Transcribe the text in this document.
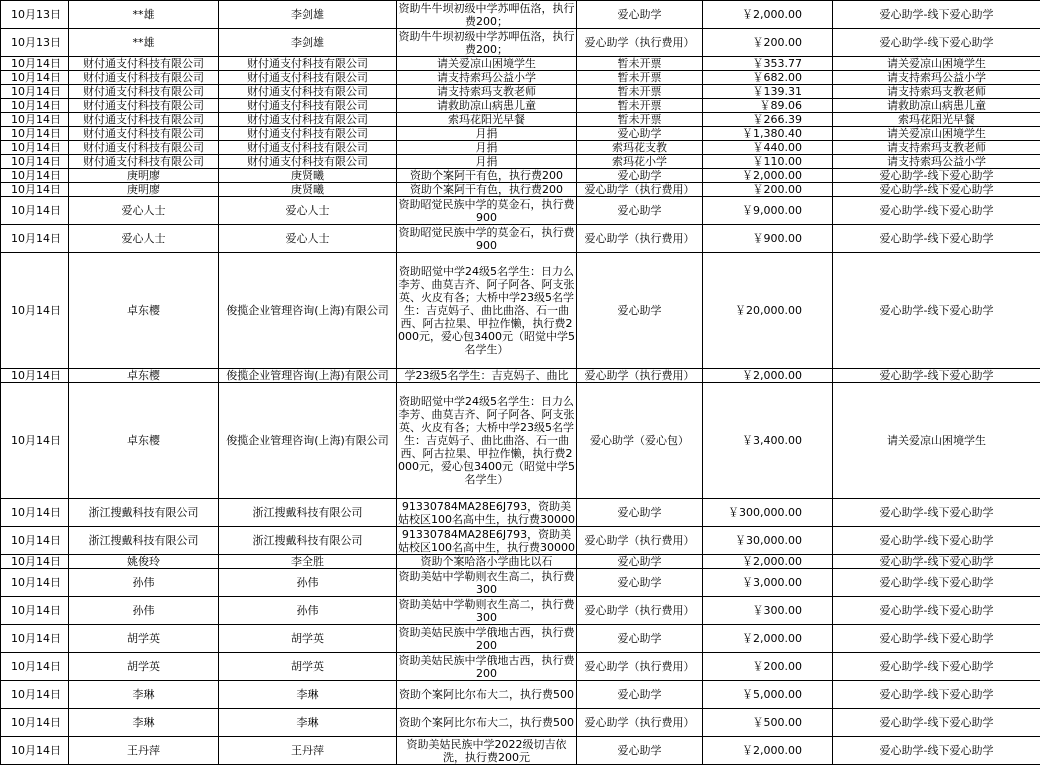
10月13日	**雄	李剑雄	资助牛牛坝初级中学苏呷伍洛，执行费200；	爱心助学	￥2,000.00	爱心助学-线下爱心助学
10月13日	**雄	李剑雄	资助牛牛坝初级中学苏呷伍洛，执行费200；	爱心助学（执行费用）	￥200.00	爱心助学-线下爱心助学
10月14日	财付通支付科技有限公司	财付通支付科技有限公司	请关爱凉山困境学生	暂未开票	￥353.77	请关爱凉山困境学生
10月14日	财付通支付科技有限公司	财付通支付科技有限公司	请支持索玛公益小学	暂未开票	￥682.00	请支持索玛公益小学
10月14日	财付通支付科技有限公司	财付通支付科技有限公司	请支持索玛支教老师	暂未开票	￥139.31	请支持索玛支教老师
10月14日	财付通支付科技有限公司	财付通支付科技有限公司	请救助凉山病患儿童	暂未开票	￥89.06	请救助凉山病患儿童
10月14日	财付通支付科技有限公司	财付通支付科技有限公司	索玛花阳光早餐	暂未开票	￥266.39	索玛花阳光早餐
10月14日	财付通支付科技有限公司	财付通支付科技有限公司	月捐	爱心助学	￥1,380.40	请关爱凉山困境学生
10月14日	财付通支付科技有限公司	财付通支付科技有限公司	月捐	索玛花支教	￥440.00	请支持索玛支教老师
10月14日	财付通支付科技有限公司	财付通支付科技有限公司	月捐	索玛花小学	￥110.00	请支持索玛公益小学
10月14日	庚明廖	庚贤曦	资助个案阿干有色，执行费200	爱心助学	￥2,000.00	爱心助学-线下爱心助学
10月14日	庚明廖	庚贤曦	资助个案阿干有色，执行费200	爱心助学（执行费用）	￥200.00	爱心助学-线下爱心助学
10月14日	爱心人士	爱心人士	资助昭觉民族中学的莫金石，执行费900	爱心助学	￥9,000.00	爱心助学-线下爱心助学
10月14日	爱心人士	爱心人士	资助昭觉民族中学的莫金石，执行费900	爱心助学（执行费用）	￥900.00	爱心助学-线下爱心助学
10月14日	卓东樱	俊揽企业管理咨询(上海)有限公司	资助昭觉中学24级5名学生：日力么李芳、曲莫吉齐、阿子阿各、阿支张英、火皮有各；大桥中学23级5名学生：吉克妈子、曲比曲洛、石一曲西、阿古拉果、甲拉作懒，执行费2000元，爱心包3400元（昭觉中学5名学生）	爱心助学	￥20,000.00	爱心助学-线下爱心助学
10月14日	卓东樱	俊揽企业管理咨询(上海)有限公司	学23级5名学生：吉克妈子、曲比	爱心助学（执行费用）	￥2,000.00	爱心助学-线下爱心助学
10月14日	卓东樱	俊揽企业管理咨询(上海)有限公司	资助昭觉中学24级5名学生：日力么李芳、曲莫吉齐、阿子阿各、阿支张英、火皮有各；大桥中学23级5名学生：吉克妈子、曲比曲洛、石一曲西、阿古拉果、甲拉作懒，执行费2000元，爱心包3400元（昭觉中学5名学生）	爱心助学（爱心包）	￥3,400.00	请关爱凉山困境学生
10月14日	浙江搜戴科技有限公司	浙江搜戴科技有限公司	91330784MA28E6J793，资助美姑校区100名高中生，执行费30000	爱心助学	￥300,000.00	爱心助学-线下爱心助学
10月14日	浙江搜戴科技有限公司	浙江搜戴科技有限公司	91330784MA28E6J793，资助美姑校区100名高中生，执行费30000	爱心助学（执行费用）	￥30,000.00	爱心助学-线下爱心助学
10月14日	姚俊玲	李全胜	资助个案哈洛小学曲比以石	爱心助学	￥2,000.00	爱心助学-线下爱心助学
10月14日	孙伟	孙伟	资助美姑中学勒则衣生高二，执行费300	爱心助学	￥3,000.00	爱心助学-线下爱心助学
10月14日	孙伟	孙伟	资助美姑中学勒则衣生高二，执行费300	爱心助学（执行费用）	￥300.00	爱心助学-线下爱心助学
10月14日	胡学英	胡学英	资助美姑民族中学俄地古西，执行费200	爱心助学	￥2,000.00	爱心助学-线下爱心助学
10月14日	胡学英	胡学英	资助美姑民族中学俄地古西，执行费200	爱心助学（执行费用）	￥200.00	爱心助学-线下爱心助学
10月14日	李琳	李琳	资助个案阿比尔布大二，执行费500	爱心助学	￥5,000.00	爱心助学-线下爱心助学
10月14日	李琳	李琳	资助个案阿比尔布大二，执行费500	爱心助学（执行费用）	￥500.00	爱心助学-线下爱心助学
10月14日	王丹萍	王丹萍	资助美姑民族中学2022级切吉依洗，执行费200元	爱心助学	￥2,000.00	爱心助学-线下爱心助学
